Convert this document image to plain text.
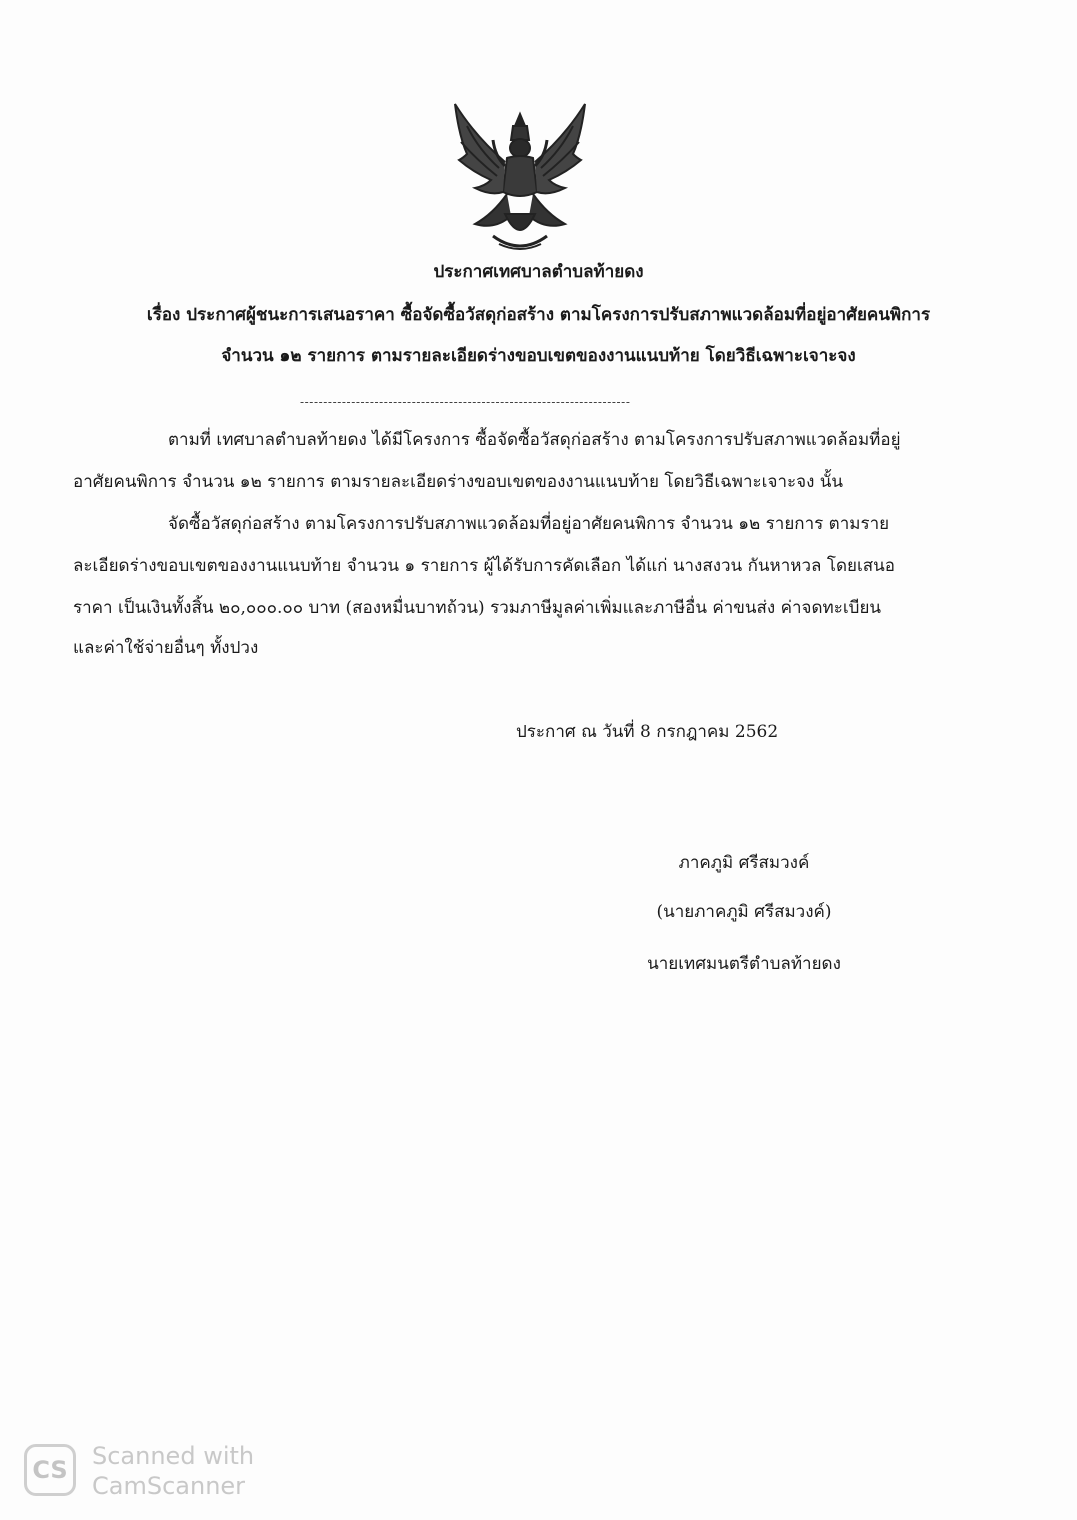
ประกาศเทศบาลตำบลท้ายดง
เรื่อง ประกาศผู้ชนะการเสนอราคา ซื้อจัดซื้อวัสดุก่อสร้าง ตามโครงการปรับสภาพแวดล้อมที่อยู่อาศัยคนพิการ
จำนวน ๑๒ รายการ ตามรายละเอียดร่างขอบเขตของงานแนบท้าย โดยวิธีเฉพาะเจาะจง
-----------------------------------------------------------------------
ตามที่ เทศบาลตำบลท้ายดง ได้มีโครงการ ซื้อจัดซื้อวัสดุก่อสร้าง ตามโครงการปรับสภาพแวดล้อมที่อยู่
อาศัยคนพิการ จำนวน ๑๒ รายการ ตามรายละเอียดร่างขอบเขตของงานแนบท้าย โดยวิธีเฉพาะเจาะจง นั้น
จัดซื้อวัสดุก่อสร้าง ตามโครงการปรับสภาพแวดล้อมที่อยู่อาศัยคนพิการ จำนวน ๑๒ รายการ ตามราย
ละเอียดร่างขอบเขตของงานแนบท้าย จำนวน ๑ รายการ ผู้ได้รับการคัดเลือก ได้แก่ นางสงวน กันหาหวล โดยเสนอ
ราคา เป็นเงินทั้งสิ้น ๒๐,๐๐๐.๐๐ บาท (สองหมื่นบาทถ้วน) รวมภาษีมูลค่าเพิ่มและภาษีอื่น ค่าขนส่ง ค่าจดทะเบียน
และค่าใช้จ่ายอื่นๆ ทั้งปวง
ประกาศ ณ วันที่ 8 กรกฎาคม 2562
ภาคภูมิ ศรีสมวงค์
(นายภาคภูมิ ศรีสมวงค์)
นายเทศมนตรีตำบลท้ายดง
CS	Scanned with
CamScanner
